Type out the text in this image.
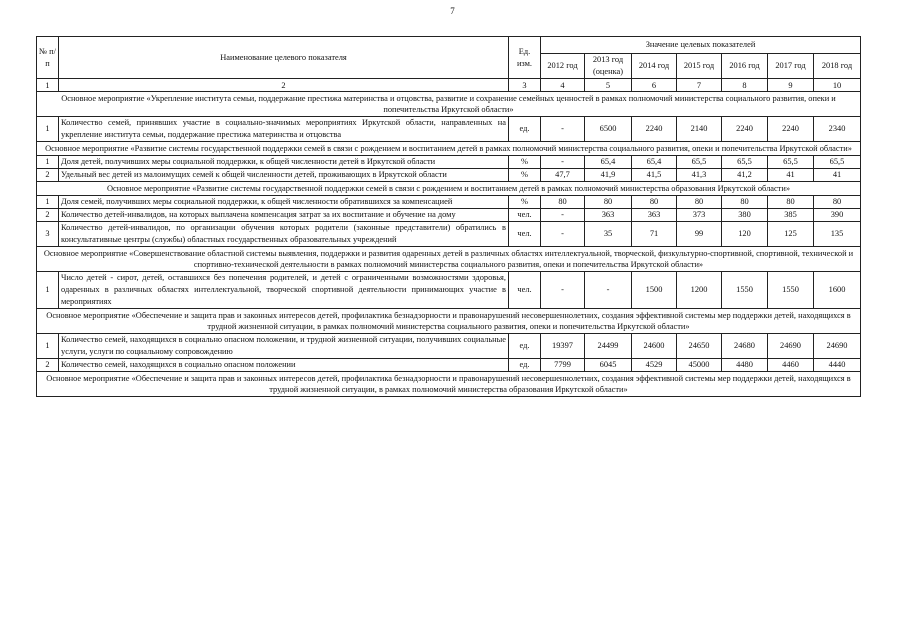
7
№ п/п	Наименование целевого показателя	Ед. изм.	Значение целевых показателей						
			2012 год	2013 год (оценка)	2014 год	2015 год	2016 год	2017 год	2018 год
1	2	3	4	5	6	7	8	9	10
Основное мероприятие «Укрепление института семьи, поддержание престижа материнства и отцовства, развитие и сохранение семейных ценностей в рамках полномочий министерства социального развития, опеки и попечительства Иркутской области»									
1	Количество семей, принявших участие в социально-значимых мероприятиях Иркутской области, направленных на укрепление института семьи, поддержание престижа материнства и отцовства	ед.	-	6500	2240	2140	2240	2240	2340
Основное мероприятие «Развитие системы государственной поддержки семей в связи с рождением и воспитанием детей в рамках полномочий министерства социального развития, опеки и попечительства Иркутской области»									
1	Доля детей, получивших меры социальной поддержки, к общей численности детей в Иркутской области	%	-	65,4	65,4	65,5	65,5	65,5	65,5
2	Удельный вес детей из малоимущих семей к общей численности детей, проживающих в Иркутской области	%	47,7	41,9	41,5	41,3	41,2	41	41
Основное мероприятие «Развитие системы государственной поддержки семей в связи с рождением и воспитанием детей в рамках полномочий министерства образования Иркутской области»									
1	Доля семей, получивших меры социальной поддержки, к общей численности обратившихся за компенсацией	%	80	80	80	80	80	80	80
2	Количество детей-инвалидов, на которых выплачена компенсация затрат за их воспитание и обучение на дому	чел.	-	363	363	373	380	385	390
3	Количество детей-инвалидов, по организации обучения которых родители (законные представители) обратились в консультативные центры (службы) областных государственных образовательных учреждений	чел.	-	35	71	99	120	125	135
Основное мероприятие «Совершенствование областной системы выявления, поддержки и развития одаренных детей в различных областях интеллектуальной, творческой, физкультурно-спортивной, спортивной, технической и спортивно-технической деятельности в рамках полномочий министерства социального развития, опеки и попечительства Иркутской области»									
1	Число детей - сирот, детей, оставшихся без попечения родителей, и детей с ограниченными возможностями здоровья, одаренных в различных областях интеллектуальной, творческой спортивной деятельности принимающих участие в мероприятиях	чел.	-	-	1500	1200	1550	1550	1600
Основное мероприятие «Обеспечение и защита прав и законных интересов детей, профилактика безнадзорности и правонарушений несовершеннолетних, создания эффективной системы мер поддержки детей, находящихся в трудной жизненной ситуации, в рамках полномочий министерства социального развития, опеки и попечительства Иркутской области»									
1	Количество семей, находящихся в социально опасном положении, и трудной жизненной ситуации, получивших социальные услуги, услуги по социальному сопровождению	ед.	19397	24499	24600	24650	24680	24690	24690
2	Количество семей, находящихся в социально опасном положении	ед.	7799	6045	4529	45000	4480	4460	4440
Основное мероприятие «Обеспечение и защита прав и законных интересов детей, профилактика безнадзорности и правонарушений несовершеннолетних, создания эффективной системы мер поддержки детей, находящихся в трудной жизненной ситуации, в рамках полномочий министерства образования Иркутской области»									
